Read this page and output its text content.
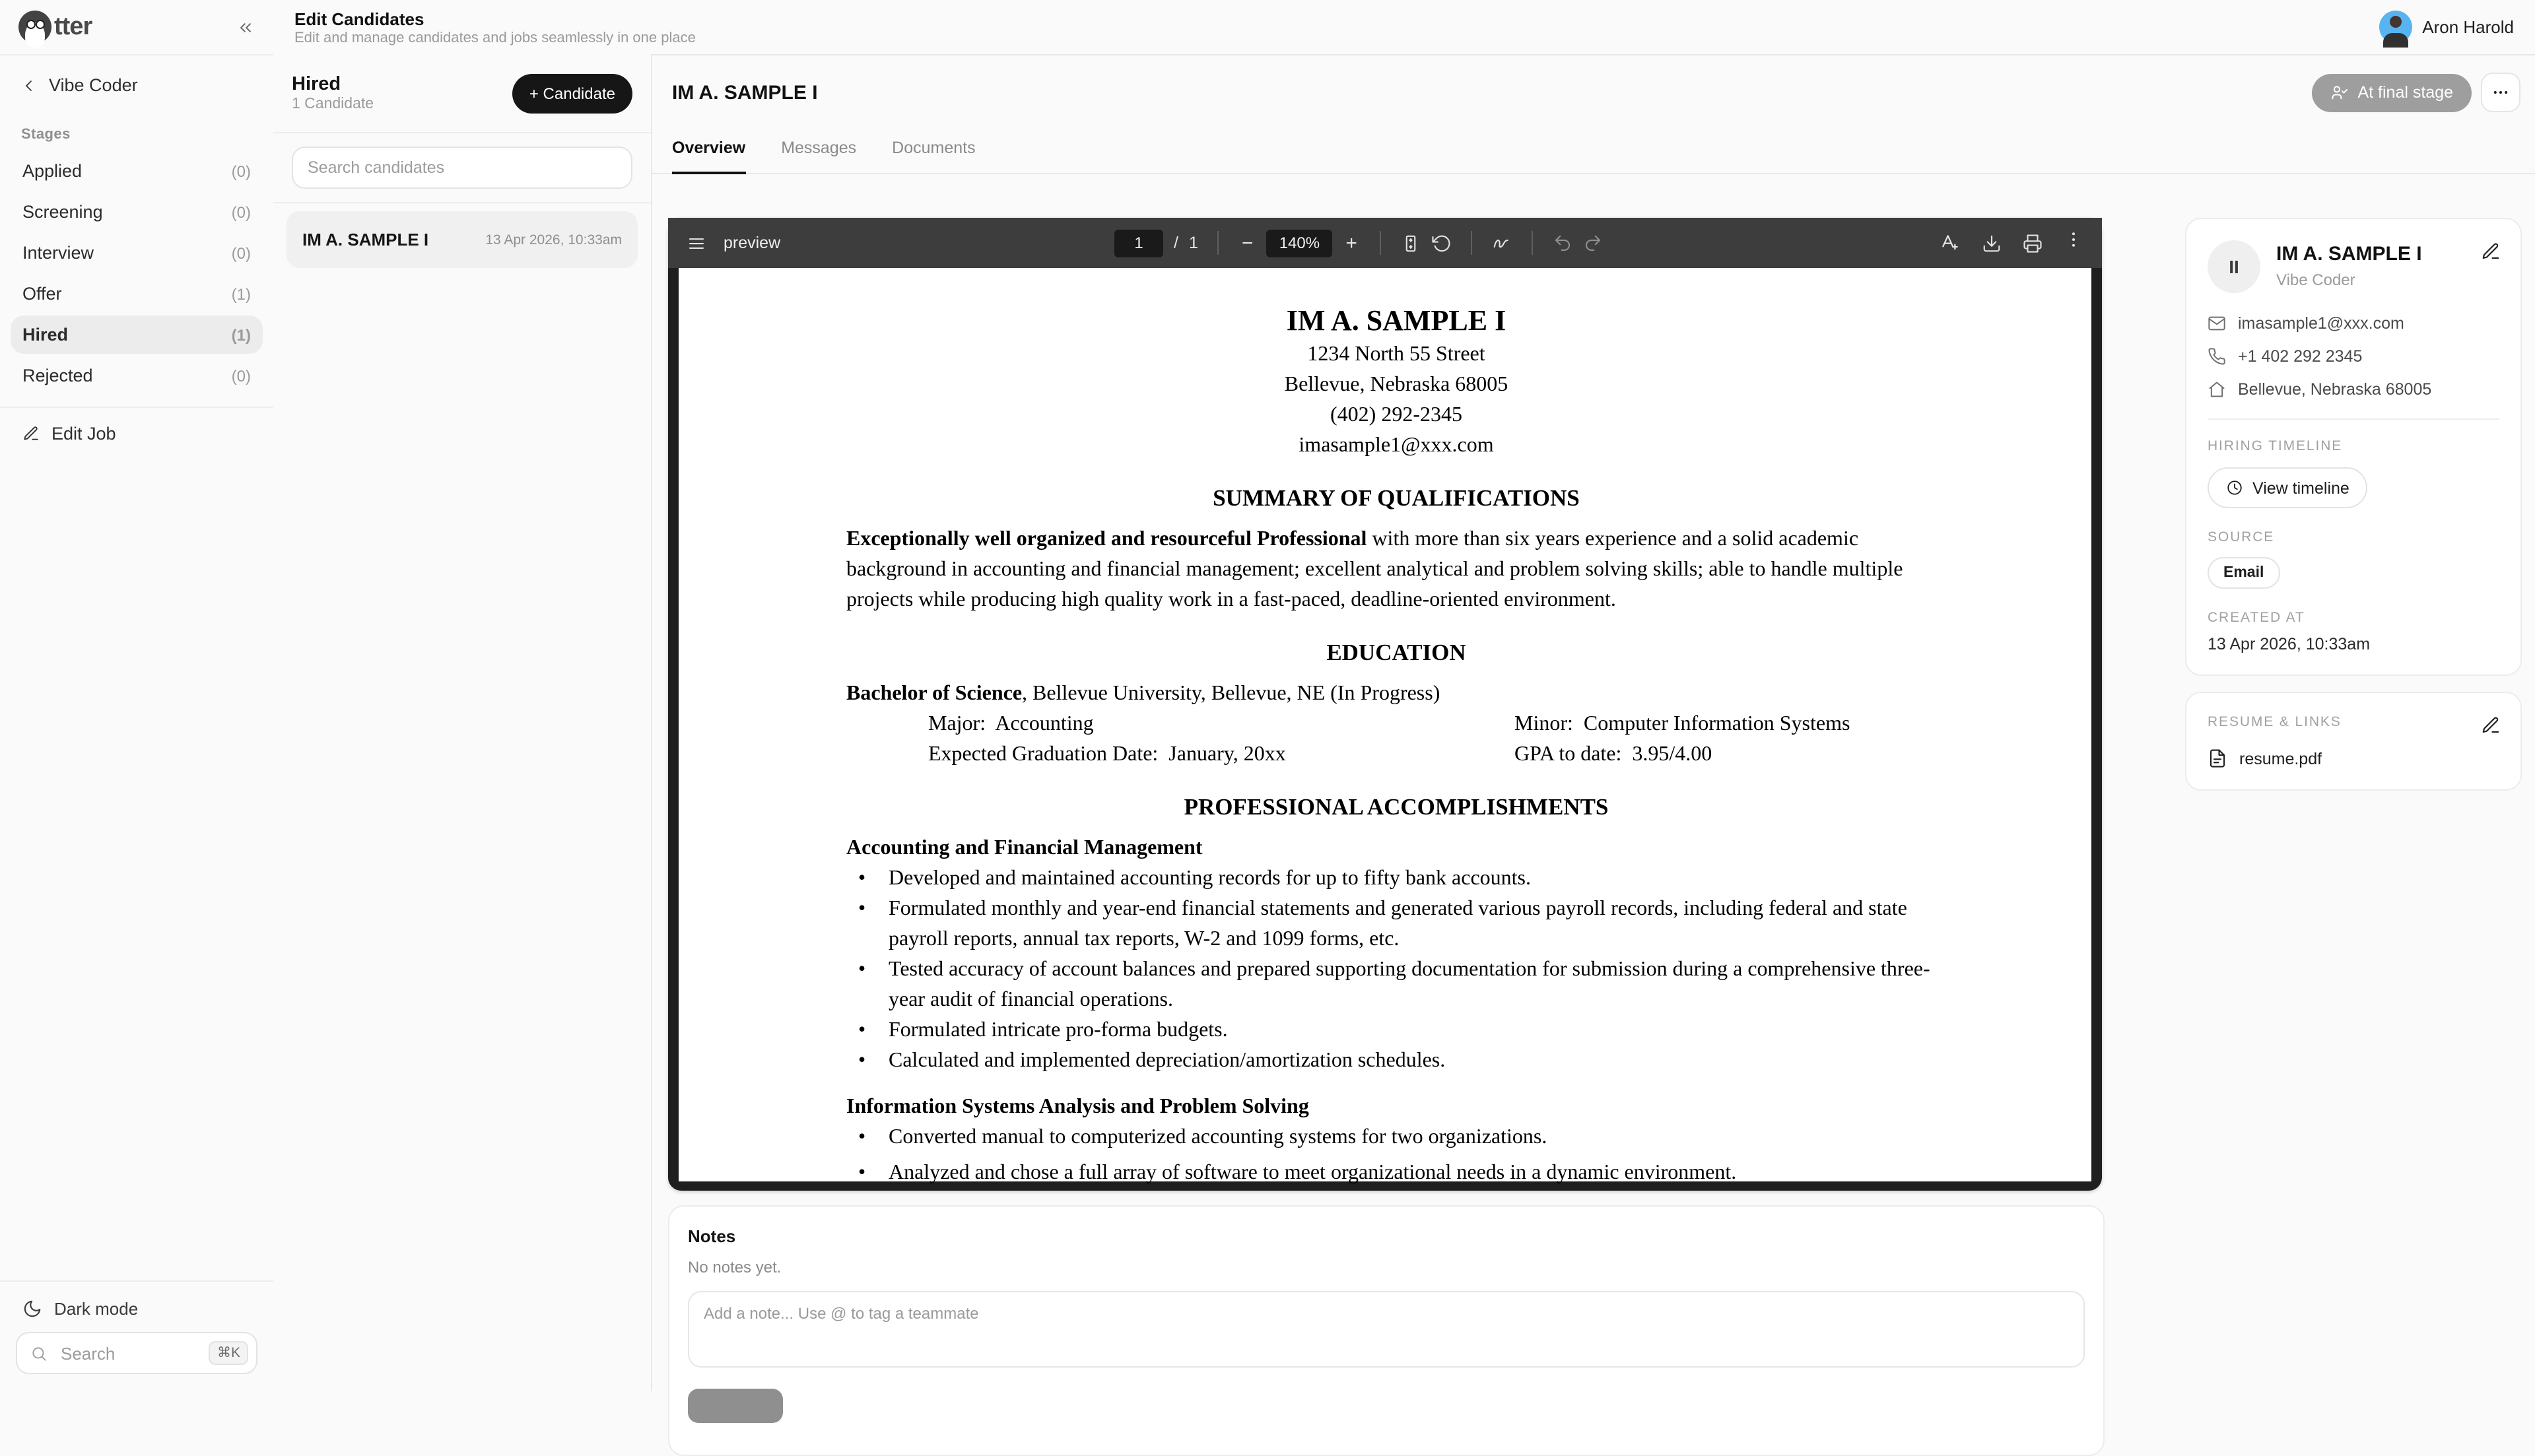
tter
Vibe Coder
Stages
Applied	(0)
Screening	(0)
Interview	(0)
Offer	(1)
Hired	(1)
Rejected	(0)
Edit Job
Dark mode
Search
⌘K
Edit Candidates
Edit and manage candidates and jobs seamlessly in one place
Aron Harold
Hired
1 Candidate
+ Candidate
Search candidates
IM A. SAMPLE I	13 Apr 2026, 10:33am
IM A. SAMPLE I	At final stage
Overview	Messages	Documents
preview	1	/ 1	−	140%	+
IM A. SAMPLE I
1234 North 55 Street
Bellevue, Nebraska 68005
(402) 292-2345
imasample1@xxx.com
SUMMARY OF QUALIFICATIONS
Exceptionally well organized and resourceful Professional with more than six years experience and a solid academic background in accounting and financial management; excellent analytical and problem solving skills; able to handle multiple projects while producing high quality work in a fast-paced, deadline-oriented environment.
EDUCATION
Bachelor of Science, Bellevue University, Bellevue, NE (In Progress)
Major:  Accounting	Minor:  Computer Information Systems
Expected Graduation Date:  January, 20xx	GPA to date:  3.95/4.00
PROFESSIONAL ACCOMPLISHMENTS
Accounting and Financial Management
• Developed and maintained accounting records for up to fifty bank accounts.
• Formulated monthly and year-end financial statements and generated various payroll records, including federal and state payroll reports, annual tax reports, W-2 and 1099 forms, etc.
• Tested accuracy of account balances and prepared supporting documentation for submission during a comprehensive three-year audit of financial operations.
• Formulated intricate pro-forma budgets.
• Calculated and implemented depreciation/amortization schedules.
Information Systems Analysis and Problem Solving
• Converted manual to computerized accounting systems for two organizations.
• Analyzed and chose a full array of software to meet organizational needs in a dynamic environment.
Notes
No notes yet.
Add a note... Use @ to tag a teammate
II
IM A. SAMPLE I
Vibe Coder
imasample1@xxx.com
+1 402 292 2345
Bellevue, Nebraska 68005
HIRING TIMELINE
View timeline
SOURCE
Email
CREATED AT
13 Apr 2026, 10:33am
RESUME & LINKS
resume.pdf
